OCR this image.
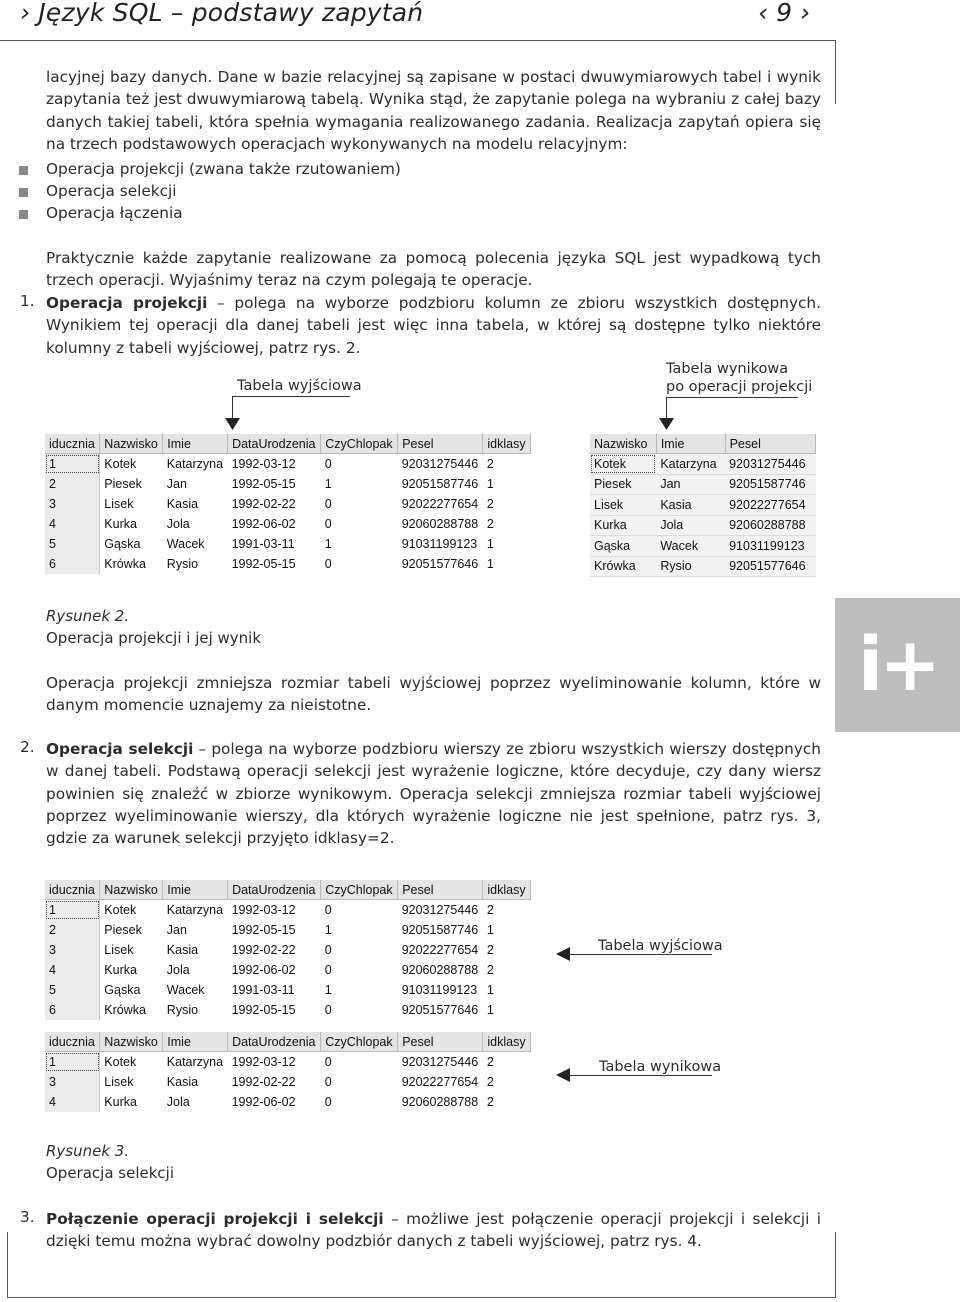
› Język SQL – podstawy zapytań	‹ 9 ›

lacyjnej bazy danych. Dane w bazie relacyjnej są zapisane w postaci dwuwymiarowych tabel i wynik zapytania też jest dwuwymiarową tabelą. Wynika stąd, że zapytanie polega na wybraniu z całej bazy danych takiej tabeli, która spełnia wymagania realizowanego zadania. Realizacja zapytań opiera się na trzech podstawowych operacjach wykonywanych na modelu relacyjnym:

Operacja projekcji (zwana także rzutowaniem)
Operacja selekcji
Operacja łączenia

Praktycznie każde zapytanie realizowane za pomocą polecenia języka SQL jest wypadkową tych trzech operacji. Wyjaśnimy teraz na czym polegają te operacje.

1. Operacja projekcji – polega na wyborze podzbioru kolumn ze zbioru wszystkich dostępnych. Wynikiem tej operacji dla danej tabeli jest więc inna tabela, w której są dostępne tylko niektóre kolumny z tabeli wyjściowej, patrz rys. 2.

Tabela wyjściowa
Tabela wynikowa
po operacji projekcji
iducznia	Nazwisko	Imie	DataUrodzenia	CzyChlopak	Pesel	idklasy
1	Kotek	Katarzyna	1992-03-12	0	92031275446	2
2	Piesek	Jan	1992-05-15	1	92051587746	1
3	Lisek	Kasia	1992-02-22	0	92022277654	2
4	Kurka	Jola	1992-06-02	0	92060288788	2
5	Gąska	Wacek	1991-03-11	1	91031199123	1
6	Krówka	Rysio	1992-05-15	0	92051577646	1
Nazwisko	Imie	Pesel
Kotek	Katarzyna	92031275446
Piesek	Jan	92051587746
Lisek	Kasia	92022277654
Kurka	Jola	92060288788
Gąska	Wacek	91031199123
Krówka	Rysio	92051577646
Rysunek 2.
Operacja projekcji i jej wynik	i+

Operacja projekcji zmniejsza rozmiar tabeli wyjściowej poprzez wyeliminowanie kolumn, które w danym momencie uznajemy za nieistotne.

2. Operacja selekcji – polega na wyborze podzbioru wierszy ze zbioru wszystkich wierszy dostępnych w danej tabeli. Podstawą operacji selekcji jest wyrażenie logiczne, które decyduje, czy dany wiersz powinien się znaleźć w zbiorze wynikowym. Operacja selekcji zmniejsza rozmiar tabeli wyjściowej poprzez wyeliminowanie wierszy, dla których wyrażenie logiczne nie jest spełnione, patrz rys. 3, gdzie za warunek selekcji przyjęto idklasy=2.

iducznia	Nazwisko	Imie	DataUrodzenia	CzyChlopak	Pesel	idklasy
1	Kotek	Katarzyna	1992-03-12	0	92031275446	2
2	Piesek	Jan	1992-05-15	1	92051587746	1
3	Lisek	Kasia	1992-02-22	0	92022277654	2
4	Kurka	Jola	1992-06-02	0	92060288788	2
5	Gąska	Wacek	1991-03-11	1	91031199123	1
6	Krówka	Rysio	1992-05-15	0	92051577646	1
iducznia	Nazwisko	Imie	DataUrodzenia	CzyChlopak	Pesel	idklasy
1	Kotek	Katarzyna	1992-03-12	0	92031275446	2
3	Lisek	Kasia	1992-02-22	0	92022277654	2
4	Kurka	Jola	1992-06-02	0	92060288788	2
Tabela wyjściowa
Tabela wynikowa
Rysunek 3.
Operacja selekcji
3. Połączenie operacji projekcji i selekcji – możliwe jest połączenie operacji projekcji i selekcji i dzięki temu można wybrać dowolny podzbiór danych z tabeli wyjściowej, patrz rys. 4.
